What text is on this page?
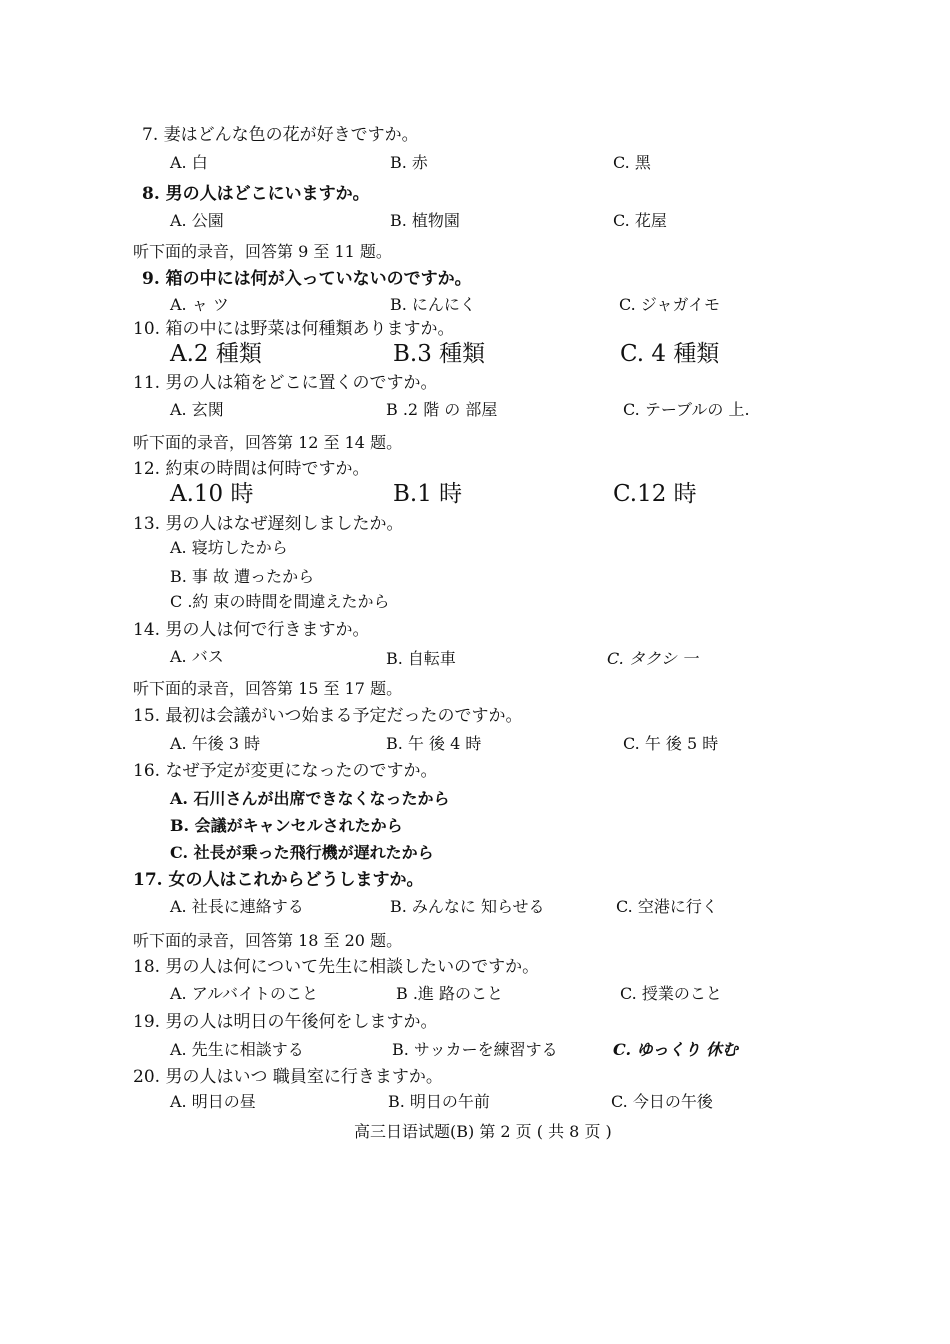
7. 妻はどんな色の花が好きですか。
A. 白	B. 赤	C. 黑
8. 男の人はどこにいますか。
A. 公園	B. 植物園	C. 花屋
听下面的录音，回答第 9 至 11 题。
9. 箱の中には何が入っていないのですか。
A. ャ ツ	B. にんにく	C. ジャガイモ
10. 箱の中には野菜は何種類ありますか。
A.2 種類	B.3 種類	C. 4 種類
11. 男の人は箱をどこに置くのですか。
A. 玄関	B .2 階 の 部屋	C. テーブルの 上.
听下面的录音，回答第 12 至 14 题。
12. 約束の時間は何時ですか。
A.10 時	B.1 時	C.12 時
13. 男の人はなぜ遅刻しましたか。
A. 寝坊したから
B. 事 故 遭ったから
C .約 束の時間を間違えたから
14. 男の人は何で行きますか。
A. バス	B. 自転車	C. タクシ 一
听下面的录音，回答第 15 至 17 题。
15. 最初は会議がいつ始まる予定だったのですか。
A. 午後 3 時	B. 午 後 4 時	C. 午 後 5 時
16. なぜ予定が変更になったのですか。
A. 石川さんが出席できなくなったから
B. 会議がキャンセルされたから
C. 社長が乗った飛行機が遅れたから
17. 女の人はこれからどうしますか。
A. 社長に連絡する	B. みんなに 知らせる	C. 空港に行く
听下面的录音，回答第 18 至 20 题。
18. 男の人は何について先生に相談したいのですか。
A. アルバイトのこと	B .進 路のこと	C. 授業のこと
19. 男の人は明日の午後何をしますか。
A. 先生に相談する	B. サッカーを練習する	C. ゆっくり 休む
20. 男の人はいつ 職員室に行きますか。
A. 明日の昼	B. 明日の午前	C. 今日の午後
高三日语试题(B) 第 2 页 ( 共 8 页 )
